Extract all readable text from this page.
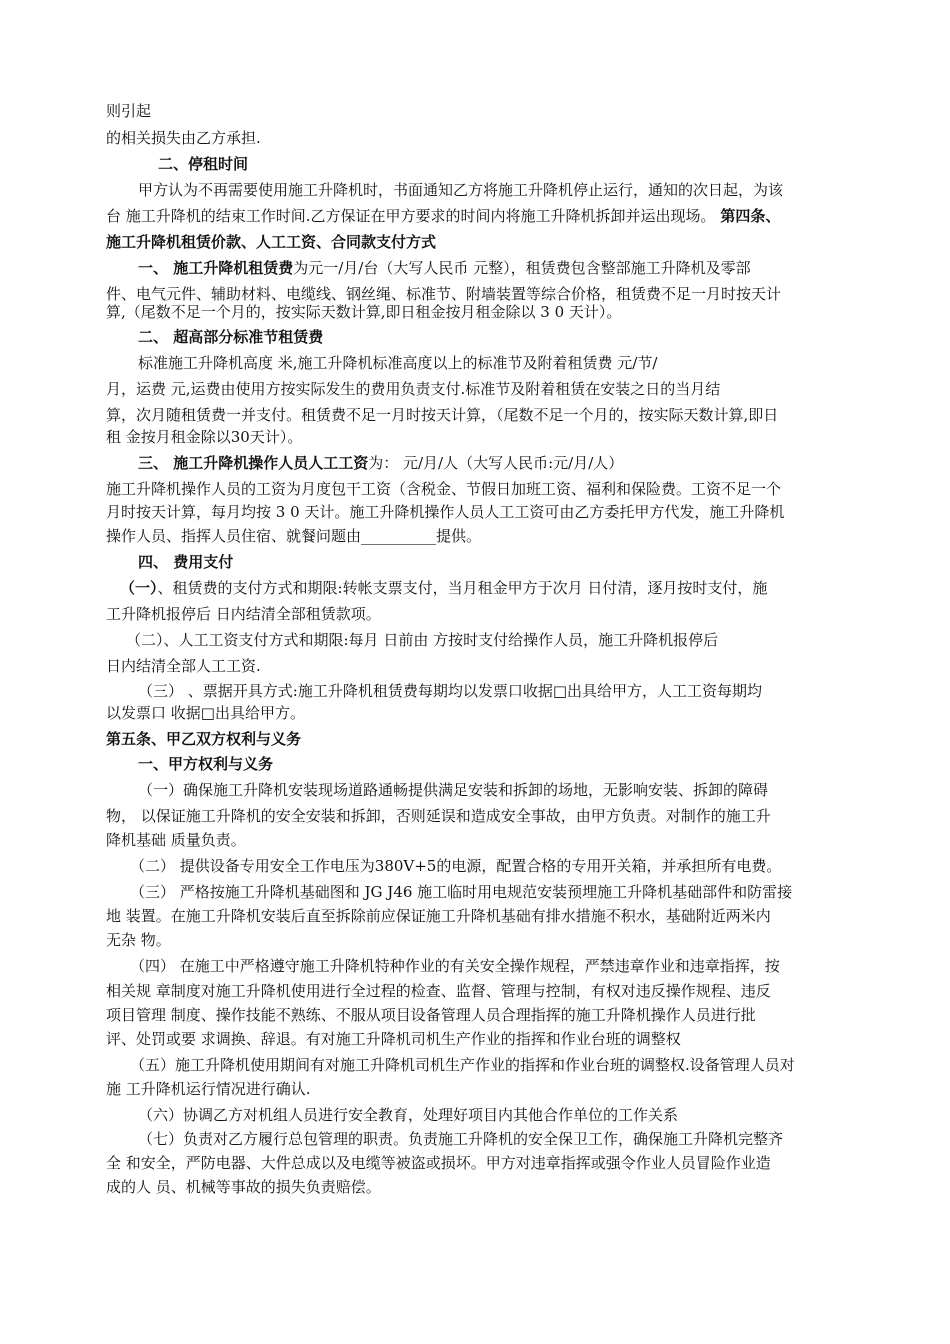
则引起
的相关损失由乙方承担.
二、停租时间
甲方认为不再需要使用施工升降机时，书面通知乙方将施工升降机停止运行，通知的次日起，为该
台 施工升降机的结束工作时间.乙方保证在甲方要求的时间内将施工升降机拆卸并运出现场。 第四条、
施工升降机租赁价款、人工工资、合同款支付方式
一、 施工升降机租赁费为元一/月/台（大写人民币 元整），租赁费包含整部施工升降机及零部
件、电气元件、辅助材料、电缆线、钢丝绳、标准节、附墙装置等综合价格，租赁费不足一月时按天计
算,（尾数不足一个月的，按实际天数计算,即日租金按月租金除以 3 0 天计）。
二、 超高部分标准节租赁费
标准施工升降机高度 米,施工升降机标准高度以上的标准节及附着租赁费 元/节/
月，运费 元,运费由使用方按实际发生的费用负责支付.标准节及附着租赁在安装之日的当月结
算，次月随租赁费一并支付。租赁费不足一月时按天计算，（尾数不足一个月的，按实际天数计算,即日
租 金按月租金除以30天计）。
三、 施工升降机操作人员人工工资为： 元/月/人（大写人民币:元/月/人）
施工升降机操作人员的工资为月度包干工资（含税金、节假日加班工资、福利和保险费。工资不足一个
月时按天计算，每月均按 3 0 天计。施工升降机操作人员人工工资可由乙方委托甲方代发，施工升降机
操作人员、指挥人员住宿、就餐问题由__________提供。
四、 费用支付
（一）、租赁费的支付方式和期限:转帐支票支付，当月租金甲方于次月 日付清，逐月按时支付，施
工升降机报停后 日内结清全部租赁款项。
（二）、人工工资支付方式和期限:每月 日前由 方按时支付给操作人员，施工升降机报停后
日内结清全部人工工资.
（三） 、票据开具方式:施工升降机租赁费每期均以发票口收据□出具给甲方，人工工资每期均
以发票口 收据□出具给甲方。
第五条、甲乙双方权利与义务
一、甲方权利与义务
（一）确保施工升降机安装现场道路通畅提供满足安装和拆卸的场地，无影响安装、拆卸的障碍
物， 以保证施工升降机的安全安装和拆卸，否则延误和造成安全事故，由甲方负责。对制作的施工升
降机基础 质量负责。
（二） 提供设备专用安全工作电压为380V+5的电源，配置合格的专用开关箱，并承担所有电费。
（三） 严格按施工升降机基础图和 JG J46 施工临时用电规范安装预埋施工升降机基础部件和防雷接
地 装置。在施工升降机安装后直至拆除前应保证施工升降机基础有排水措施不积水，基础附近两米内
无杂 物。
（四） 在施工中严格遵守施工升降机特种作业的有关安全操作规程，严禁违章作业和违章指挥，按
相关规 章制度对施工升降机使用进行全过程的检查、监督、管理与控制，有权对违反操作规程、违反
项目管理 制度、操作技能不熟练、不服从项目设备管理人员合理指挥的施工升降机操作人员进行批
评、处罚或要 求调换、辞退。有对施工升降机司机生产作业的指挥和作业台班的调整权
（五）施工升降机使用期间有对施工升降机司机生产作业的指挥和作业台班的调整权.设备管理人员对
施 工升降机运行情况进行确认.
（六）协调乙方对机组人员进行安全教育，处理好项目内其他合作单位的工作关系
（七）负责对乙方履行总包管理的职责。负责施工升降机的安全保卫工作，确保施工升降机完整齐
全 和安全，严防电器、大件总成以及电缆等被盗或损坏。甲方对违章指挥或强令作业人员冒险作业造
成的人 员、机械等事故的损失负责赔偿。
